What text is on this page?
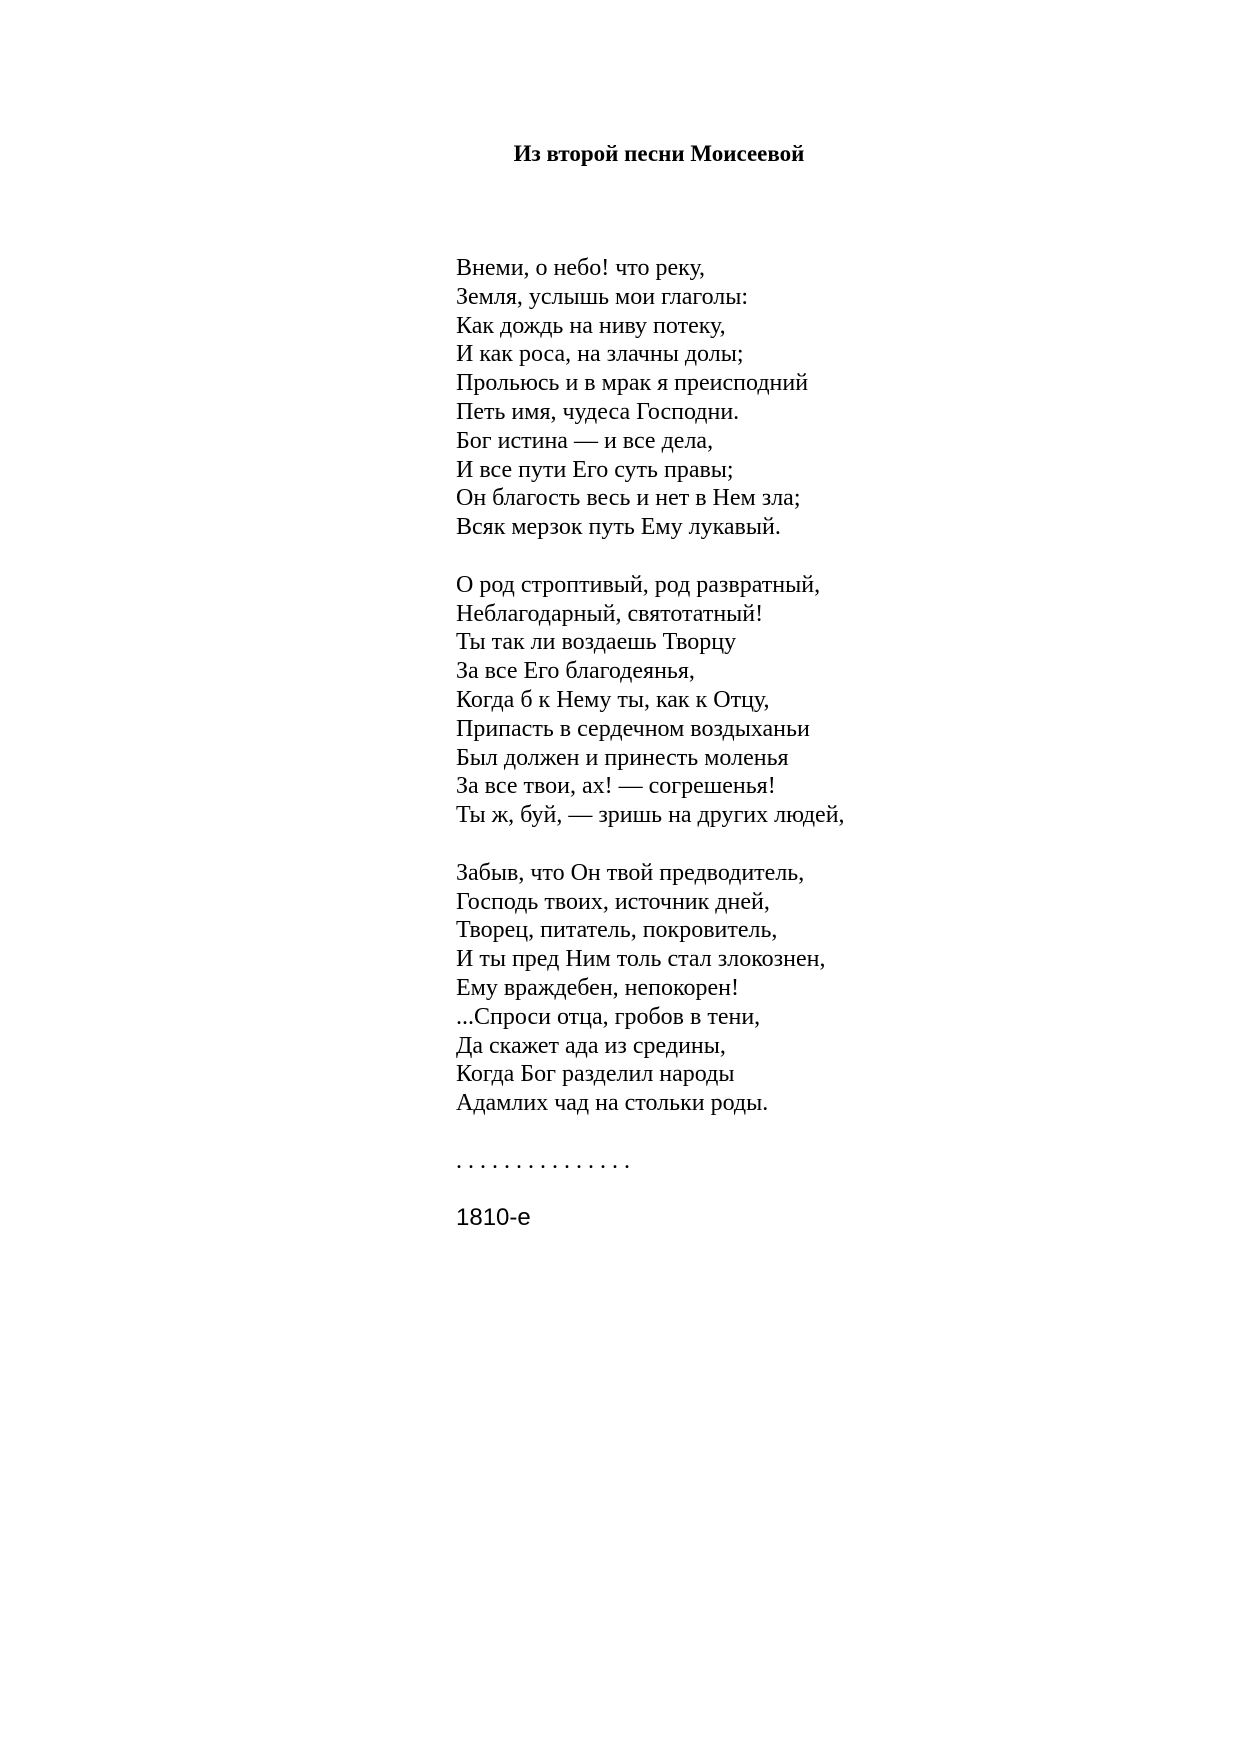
Из второй песни Моисеевой
Внеми, о небо! что реку,
Земля, услышь мои глаголы:
Как дождь на ниву потеку,
И как роса, на злачны долы;
Прольюсь и в мрак я преисподний
Петь имя, чудеса Господни.
Бог истина — и все дела,
И все пути Его суть правы;
Он благость весь и нет в Нем зла;
Всяк мерзок путь Ему лукавый.
О род строптивый, род развратный,
Неблагодарный, святотатный!
Ты так ли воздаешь Творцу
За все Его благодеянья,
Когда б к Нему ты, как к Отцу,
Припасть в сердечном воздыханьи
Был должен и принесть моленья
За все твои, ах! — согрешенья!
Ты ж, буй, — зришь на других людей,
Забыв, что Он твой предводитель,
Господь твоих, источник дней,
Творец, питатель, покровитель,
И ты пред Ним толь стал злокознен,
Ему враждебен, непокорен!
...Спроси отца, гробов в тени,
Да скажет ада из средины,
Когда Бог разделил народы
Адамлих чад на стольки роды.
...............
1810-е
